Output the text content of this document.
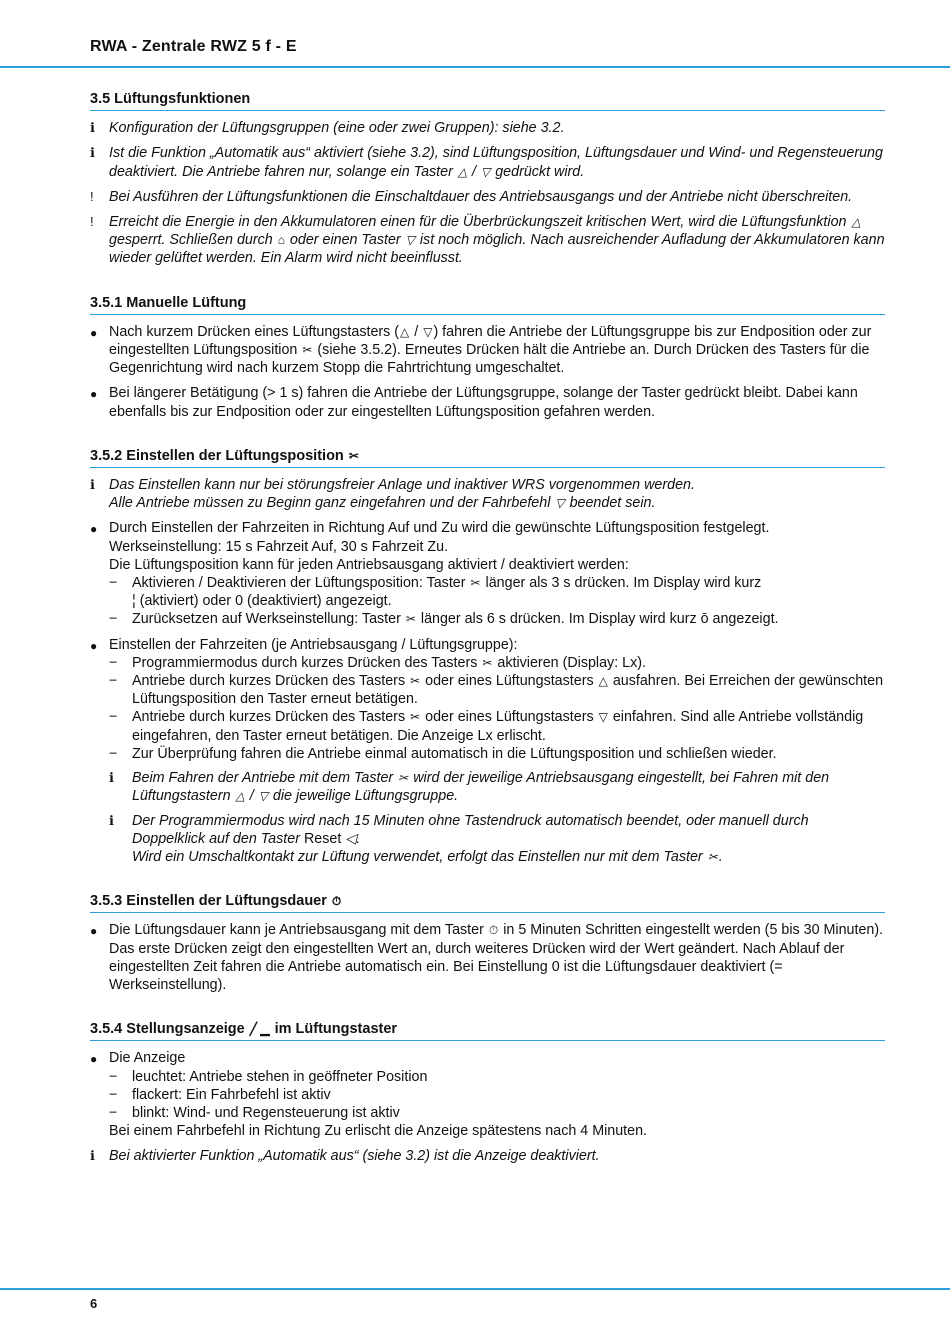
RWA - Zentrale RWZ 5 f - E
3.5 Lüftungsfunktionen
ℹ Konfiguration der Lüftungsgruppen (eine oder zwei Gruppen): siehe 3.2.
ℹ Ist die Funktion „Automatik aus“ aktiviert (siehe 3.2), sind Lüftungsposition, Lüftungsdauer und Wind- und Regensteuerung deaktiviert. Die Antriebe fahren nur, solange ein Taster △ / ▽ gedrückt wird.
!	Bei Ausführen der Lüftungsfunktionen die Einschaltdauer des Antriebsausgangs und der Antriebe nicht überschreiten.
!	Erreicht die Energie in den Akkumulatoren einen für die Überbrückungszeit kritischen Wert, wird die Lüftungsfunktion △ gesperrt. Schließen durch ⌂ oder einen Taster ▽ ist noch möglich. Nach ausreichender Aufladung der Akkumulatoren kann wieder gelüftet werden. Ein Alarm wird nicht beeinflusst.
3.5.1 Manuelle Lüftung
● Nach kurzem Drücken eines Lüftungstasters (△ / ▽) fahren die Antriebe der Lüftungsgruppe bis zur Endposition oder zur eingestellten Lüftungsposition ✂ (siehe 3.5.2). Erneutes Drücken hält die Antriebe an. Durch Drücken des Tasters für die Gegenrichtung wird nach kurzem Stopp die Fahrtrichtung umgeschaltet.
● Bei längerer Betätigung (> 1 s) fahren die Antriebe der Lüftungsgruppe, solange der Taster gedrückt bleibt. Dabei kann ebenfalls bis zur Endposition oder zur eingestellten Lüftungsposition gefahren werden.
3.5.2 Einstellen der Lüftungsposition ✂
ℹ Das Einstellen kann nur bei störungsfreier Anlage und inaktiver WRS vorgenommen werden.
Alle Antriebe müssen zu Beginn ganz eingefahren und der Fahrbefehl ▽ beendet sein.
● Durch Einstellen der Fahrzeiten in Richtung Auf und Zu wird die gewünschte Lüftungsposition festgelegt.
Werkseinstellung: 15 s Fahrzeit Auf, 30 s Fahrzeit Zu.
Die Lüftungsposition kann für jeden Antriebsausgang aktiviert / deaktiviert werden:
−	Aktivieren / Deaktivieren der Lüftungsposition: Taster ✂ länger als 3 s drücken. Im Display wird kurz
¦ (aktiviert) oder 0 (deaktiviert) angezeigt.
−	Zurücksetzen auf Werkseinstellung: Taster ✂ länger als 6 s drücken. Im Display wird kurz ō angezeigt.
● Einstellen der Fahrzeiten (je Antriebsausgang / Lüftungsgruppe):
−	Programmiermodus durch kurzes Drücken des Tasters ✂ aktivieren (Display: Lx).
−	Antriebe durch kurzes Drücken des Tasters ✂ oder eines Lüftungstasters △ ausfahren. Bei Erreichen der gewünschten Lüftungsposition den Taster erneut betätigen.
−	Antriebe durch kurzes Drücken des Tasters ✂ oder eines Lüftungstasters ▽ einfahren. Sind alle Antriebe vollständig eingefahren, den Taster erneut betätigen. Die Anzeige Lx erlischt.
−	Zur Überprüfung fahren die Antriebe einmal automatisch in die Lüftungsposition und schließen wieder.
ℹ	Beim Fahren der Antriebe mit dem Taster ✂ wird der jeweilige Antriebsausgang eingestellt, bei Fahren mit den Lüftungstastern △ / ▽ die jeweilige Lüftungsgruppe.
ℹ	Der Programmiermodus wird nach 15 Minuten ohne Tastendruck automatisch beendet, oder manuell durch Doppelklick auf den Taster Reset ◁.
Wird ein Umschaltkontakt zur Lüftung verwendet, erfolgt das Einstellen nur mit dem Taster ✂.
3.5.3 Einstellen der Lüftungsdauer ⏱
● Die Lüftungsdauer kann je Antriebsausgang mit dem Taster ⏱ in 5 Minuten Schritten eingestellt werden (5 bis 30 Minuten). Das erste Drücken zeigt den eingestellten Wert an, durch weiteres Drücken wird der Wert geändert. Nach Ablauf der eingestellten Zeit fahren die Antriebe automatisch ein. Bei Einstellung 0 ist die Lüftungsdauer deaktiviert (= Werkseinstellung).
3.5.4 Stellungsanzeige ╱ ▁ im Lüftungstaster
● Die Anzeige
−	leuchtet: Antriebe stehen in geöffneter Position
−	flackert: Ein Fahrbefehl ist aktiv
−	blinkt: Wind- und Regensteuerung ist aktiv
Bei einem Fahrbefehl in Richtung Zu erlischt die Anzeige spätestens nach 4 Minuten.
ℹ Bei aktivierter Funktion „Automatik aus“ (siehe 3.2) ist die Anzeige deaktiviert.
6
